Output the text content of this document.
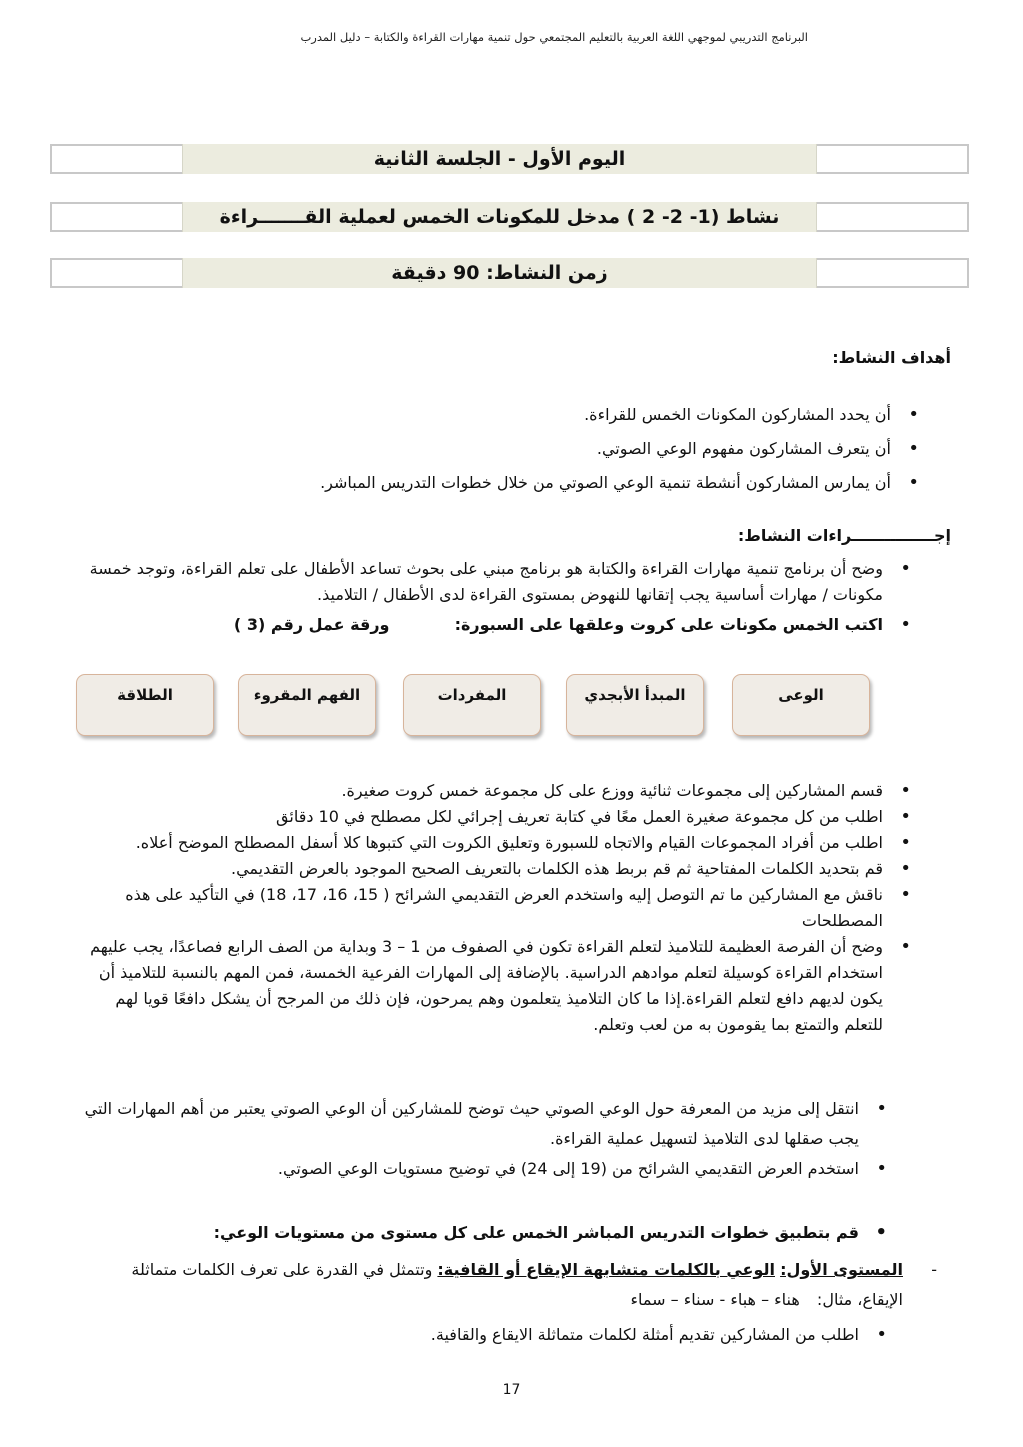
البرنامج التدريبي لموجهي اللغة العربية بالتعليم المجتمعي حول تنمية مهارات القراءة والكتابة – دليل المدرب
اليوم الأول - الجلسة الثانية
نشاط (1- 2- 2 ) مدخل للمكونات الخمس لعملية القـــــــراءة
زمن النشاط: 90 دقيقة
أهداف النشاط:
• أن يحدد المشاركون المكونات الخمس للقراءة.
• أن يتعرف المشاركون مفهوم الوعي الصوتي.
• أن يمارس المشاركون أنشطة تنمية الوعي الصوتي من خلال خطوات التدريس المباشر.
إجـــــــــــــــراءات النشاط:
• وضح أن برنامج تنمية مهارات القراءة والكتابة هو برنامج مبني على بحوث تساعد الأطفال على تعلم القراءة، وتوجد خمسة مكونات / مهارات أساسية يجب إتقانها للنهوض بمستوى القراءة لدى الأطفال / التلاميذ.
• اكتب الخمس مكونات على كروت وعلقها على السبورة: ورقة عمل رقم (3 )
الوعى
المبدأ الأبجدي
المفردات
الفهم المقروء
الطلاقة
• قسم المشاركين إلى مجموعات ثنائية ووزع على كل مجموعة خمس كروت صغيرة.
• اطلب من كل مجموعة صغيرة العمل معًا في كتابة تعريف إجرائي لكل مصطلح في 10 دقائق
• اطلب من أفراد المجموعات القيام والاتجاه للسبورة وتعليق الكروت التي كتبوها كلا أسفل المصطلح الموضح أعلاه.
• قم بتحديد الكلمات المفتاحية ثم قم بربط هذه الكلمات بالتعريف الصحيح الموجود بالعرض التقديمي.
• ناقش مع المشاركين ما تم التوصل إليه واستخدم العرض التقديمي الشرائح ( 15، 16، 17، 18) في التأكيد على هذه المصطلحات
• وضح أن الفرصة العظيمة للتلاميذ لتعلم القراءة تكون في الصفوف من 1 – 3 وبداية من الصف الرابع فصاعدًا، يجب عليهم استخدام القراءة كوسيلة لتعلم موادهم الدراسية. بالإضافة إلى المهارات الفرعية الخمسة، فمن المهم بالنسبة للتلاميذ أن يكون لديهم دافع لتعلم القراءة.إذا ما كان التلاميذ يتعلمون وهم يمرحون، فإن ذلك من المرجح أن يشكل دافعًا قويا لهم للتعلم والتمتع بما يقومون به من لعب وتعلم.
• انتقل إلى مزيد من المعرفة حول الوعي الصوتي حيث توضح للمشاركين أن الوعي الصوتي يعتبر من أهم المهارات التي يجب صقلها لدى التلاميذ لتسهيل عملية القراءة.
• استخدم العرض التقديمي الشرائح من (19 إلى 24) في توضيح مستويات الوعي الصوتي.
• قم بتطبيق خطوات التدريس المباشر الخمس على كل مستوى من مستويات الوعي:
-
المستوى الأول: الوعي بالكلمات متشابهة الإيقاع أو القافية: وتتمثل في القدرة على تعرف الكلمات متماثلة الإيقاع، مثال: هناء – هباء - سناء – سماء
• اطلب من المشاركين تقديم أمثلة لكلمات متماثلة الايقاع والقافية.
17
